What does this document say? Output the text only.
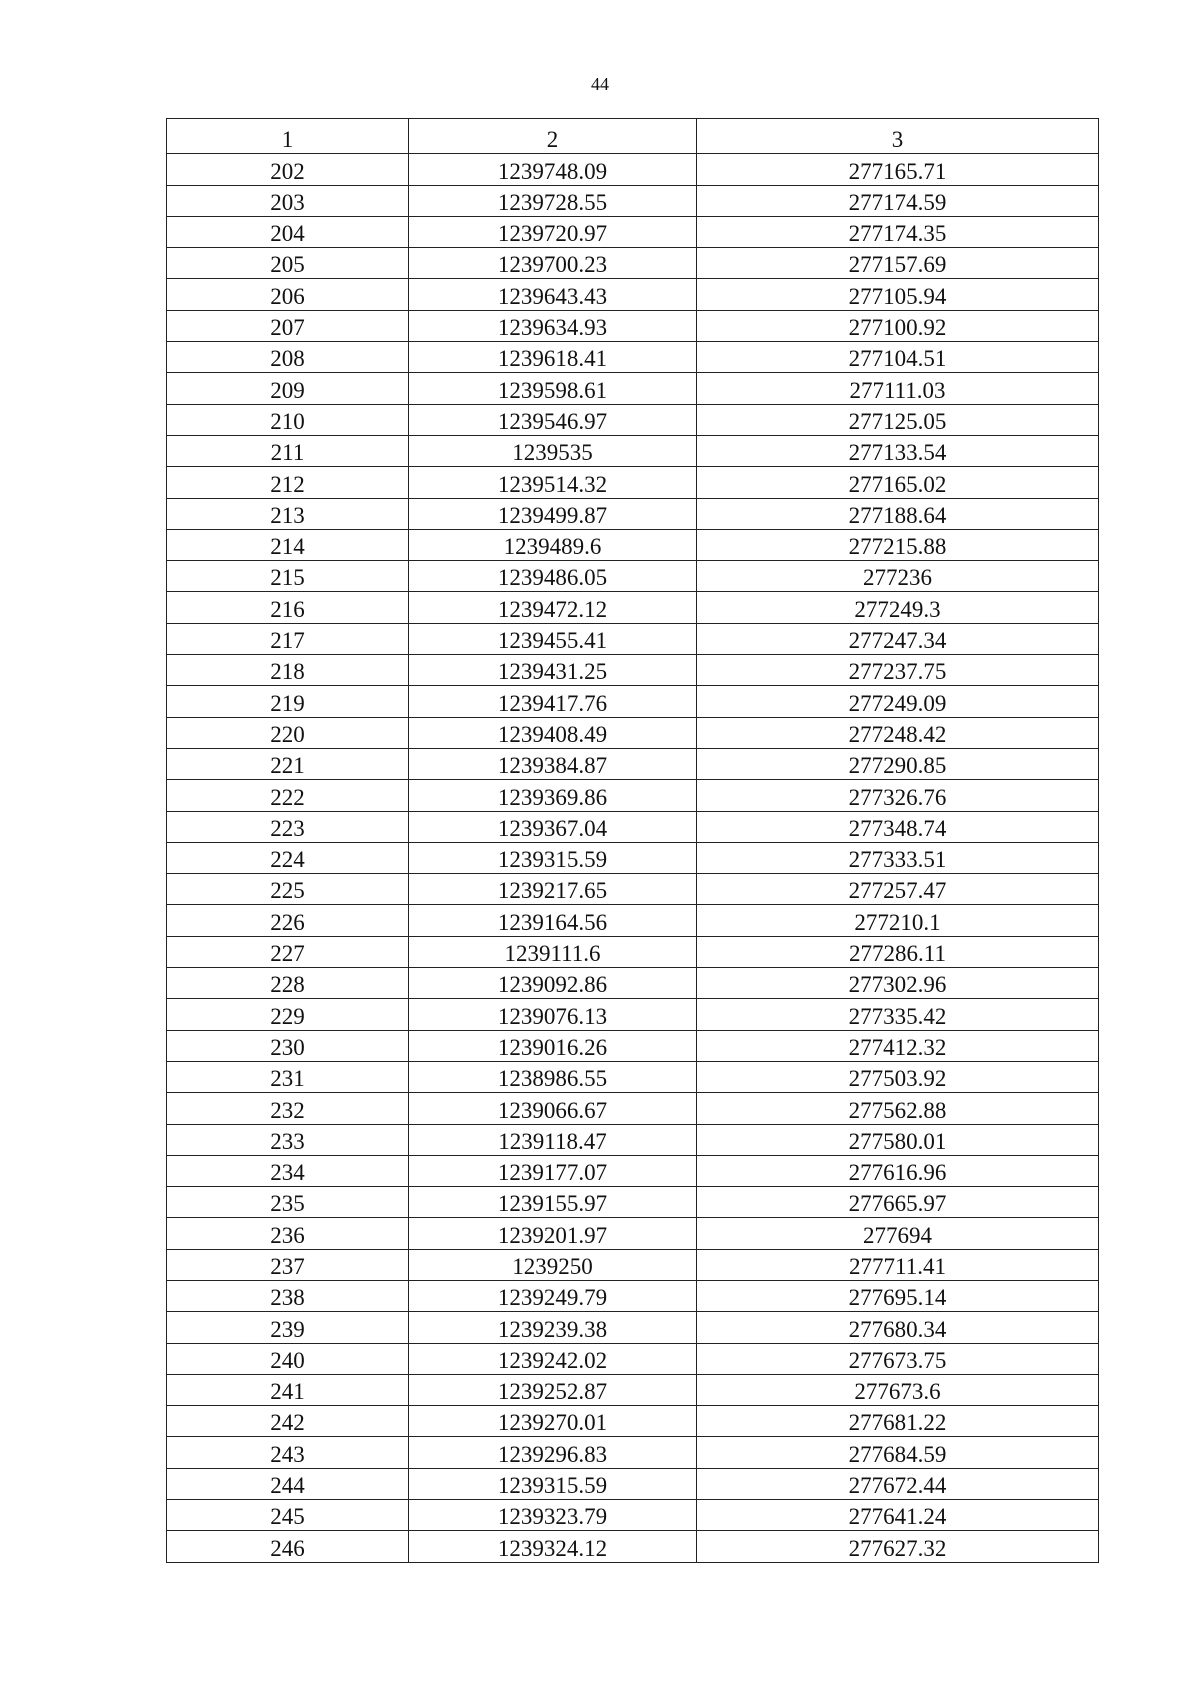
44
1	2	3
202	1239748.09	277165.71
203	1239728.55	277174.59
204	1239720.97	277174.35
205	1239700.23	277157.69
206	1239643.43	277105.94
207	1239634.93	277100.92
208	1239618.41	277104.51
209	1239598.61	277111.03
210	1239546.97	277125.05
211	1239535	277133.54
212	1239514.32	277165.02
213	1239499.87	277188.64
214	1239489.6	277215.88
215	1239486.05	277236
216	1239472.12	277249.3
217	1239455.41	277247.34
218	1239431.25	277237.75
219	1239417.76	277249.09
220	1239408.49	277248.42
221	1239384.87	277290.85
222	1239369.86	277326.76
223	1239367.04	277348.74
224	1239315.59	277333.51
225	1239217.65	277257.47
226	1239164.56	277210.1
227	1239111.6	277286.11
228	1239092.86	277302.96
229	1239076.13	277335.42
230	1239016.26	277412.32
231	1238986.55	277503.92
232	1239066.67	277562.88
233	1239118.47	277580.01
234	1239177.07	277616.96
235	1239155.97	277665.97
236	1239201.97	277694
237	1239250	277711.41
238	1239249.79	277695.14
239	1239239.38	277680.34
240	1239242.02	277673.75
241	1239252.87	277673.6
242	1239270.01	277681.22
243	1239296.83	277684.59
244	1239315.59	277672.44
245	1239323.79	277641.24
246	1239324.12	277627.32
